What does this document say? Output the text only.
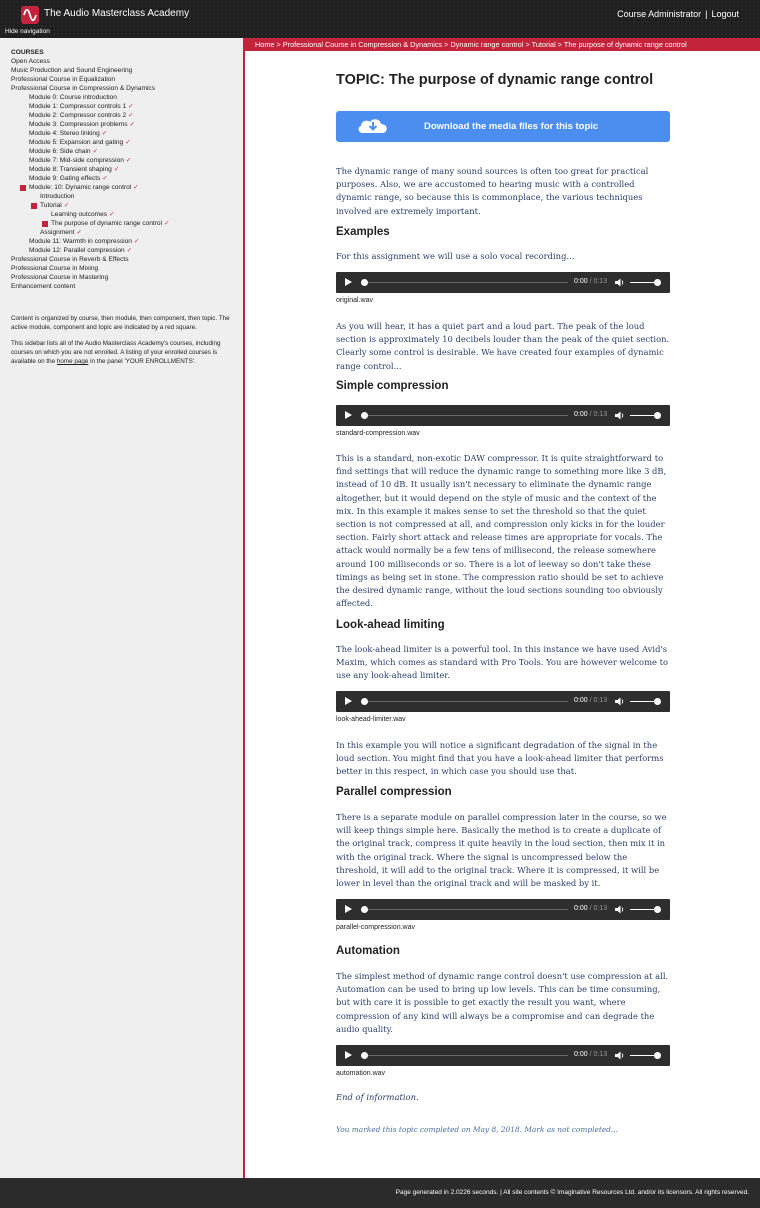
The Audio Masterclass Academy
Hide navigation
Course Administrator | Logout
COURSES
Open Access
Music Production and Sound Engineering
Professional Course in Equalization
Professional Course in Compression & Dynamics
Module 0: Course introduction
Module 1: Compressor controls 1 ✓
Module 2: Compressor controls 2 ✓
Module 3: Compression problems ✓
Module 4: Stereo linking ✓
Module 5: Expansion and gating ✓
Module 6: Side chain ✓
Module 7: Mid-side compression ✓
Module 8: Transient shaping ✓
Module 9: Gating effects ✓
Module: 10: Dynamic range control ✓
Introduction
Tutorial ✓
Learning outcomes ✓
The purpose of dynamic range control ✓
Assignment ✓
Module 11: Warmth in compression ✓
Module 12: Parallel compression ✓
Professional Course in Reverb & Effects
Professional Course in Mixing
Professional Course in Mastering
Enhancement content
Content is organized by course, then module, then component, then topic. The active module, component and topic are indicated by a red square.
This sidebar lists all of the Audio Masterclass Academy's courses, including courses on which you are not enrolled. A listing of your enrolled courses is available on the home page in the panel 'YOUR ENROLLMENTS'.
Home > Professional Course in Compression & Dynamics > Dynamic range control > Tutorial > The purpose of dynamic range control
TOPIC: The purpose of dynamic range control
Download the media files for this topic
The dynamic range of many sound sources is often too great for practical purposes. Also, we are accustomed to hearing music with a controlled dynamic range, so because this is commonplace, the various techniques involved are extremely important.
Examples
For this assignment we will use a solo vocal recording...
0:00 / 0:13
original.wav
As you will hear, it has a quiet part and a loud part. The peak of the loud section is approximately 10 decibels louder than the peak of the quiet section. Clearly some control is desirable. We have created four examples of dynamic range control...
Simple compression
0:00 / 0:13
standard-compression.wav
This is a standard, non-exotic DAW compressor. It is quite straightforward to find settings that will reduce the dynamic range to something more like 3 dB, instead of 10 dB. It usually isn't necessary to eliminate the dynamic range altogether, but it would depend on the style of music and the context of the mix. In this example it makes sense to set the threshold so that the quiet section is not compressed at all, and compression only kicks in for the louder section. Fairly short attack and release times are appropriate for vocals. The attack would normally be a few tens of millisecond, the release somewhere around 100 milliseconds or so. There is a lot of leeway so don't take these timings as being set in stone. The compression ratio should be set to achieve the desired dynamic range, without the loud sections sounding too obviously affected.
Look-ahead limiting
The look-ahead limiter is a powerful tool. In this instance we have used Avid's Maxim, which comes as standard with Pro Tools. You are however welcome to use any look-ahead limiter.
0:00 / 0:13
look-ahead-limiter.wav
In this example you will notice a significant degradation of the signal in the loud section. You might find that you have a look-ahead limiter that performs better in this respect, in which case you should use that.
Parallel compression
There is a separate module on parallel compression later in the course, so we will keep things simple here. Basically the method is to create a duplicate of the original track, compress it quite heavily in the loud section, then mix it in with the original track. Where the signal is uncompressed below the threshold, it will add to the original track. Where it is compressed, it will be lower in level than the original track and will be masked by it.
0:00 / 0:13
parallel-compression.wav
Automation
The simplest method of dynamic range control doesn't use compression at all. Automation can be used to bring up low levels. This can be time consuming, but with care it is possible to get exactly the result you want, where compression of any kind will always be a compromise and can degrade the audio quality.
0:00 / 0:13
automation.wav
End of information.
You marked this topic completed on May 8, 2018. Mark as not completed...
Page generated in 2.0226 seconds. | All site contents © Imaginative Resources Ltd. and/or its licensors. All rights reserved.
